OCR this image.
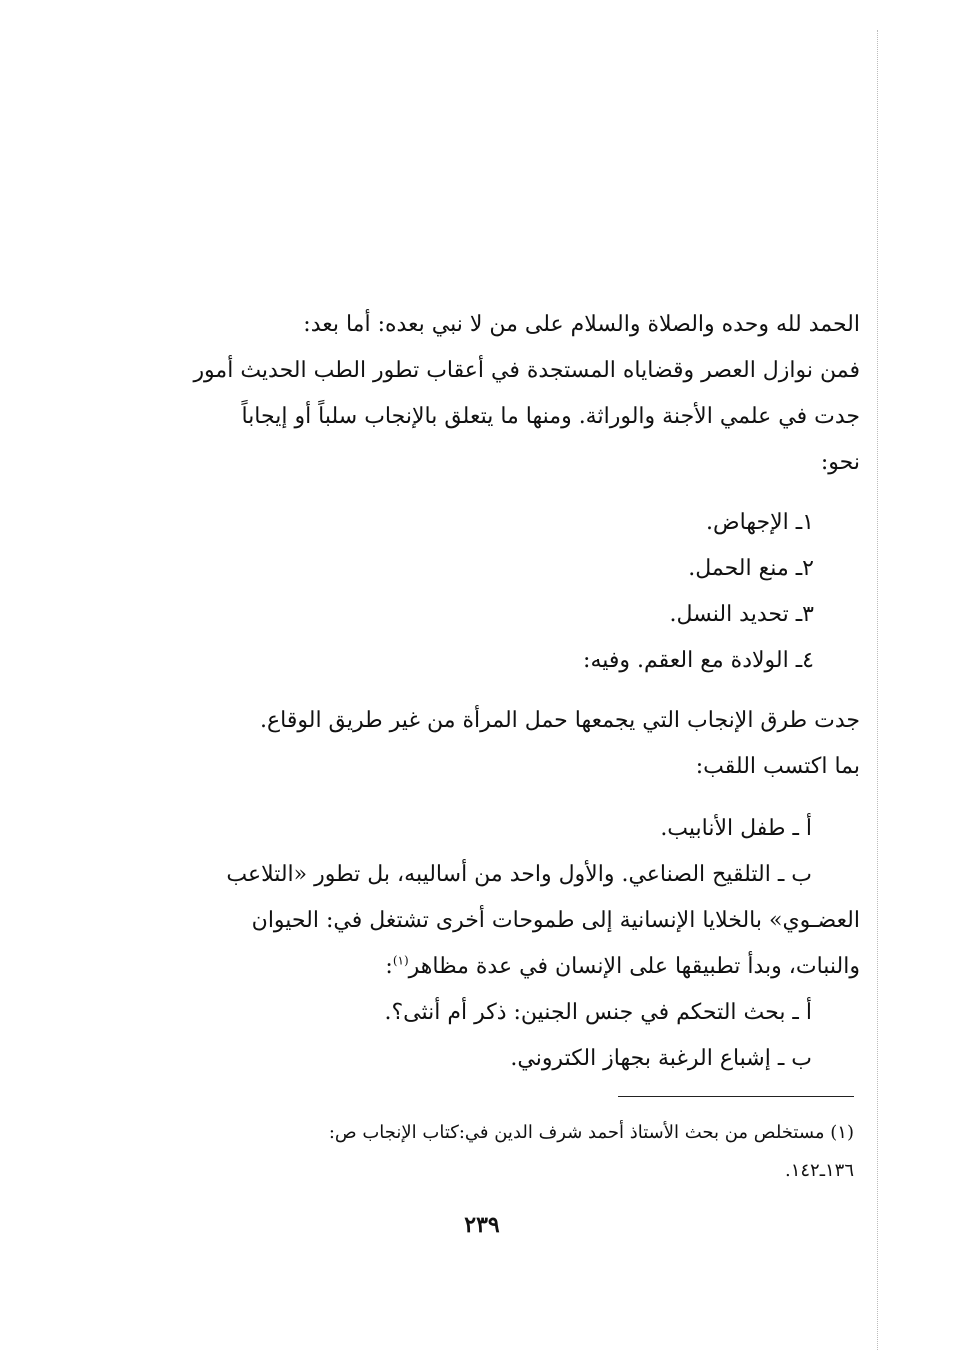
الحمد لله وحده والصلاة والسلام على من لا نبي بعده: أما بعد:
فمن نوازل العصر وقضاياه المستجدة في أعقاب تطور الطب الحديث أمور
جدت في علمي الأجنة والوراثة. ومنها ما يتعلق بالإنجاب سلباً أو إيجاباً
نحو:
١ـ الإجهاض.
٢ـ منع الحمل.
٣ـ تحديد النسل.
٤ـ الولادة مع العقم. وفيه:
جدت طرق الإنجاب التي يجمعها حمل المرأة من غير طريق الوقاع.
بما اكتسب اللقب:
أ ـ طفل الأنابيب.
ب ـ التلقيح الصناعي. والأول واحد من أساليبه، بل تطور «التلاعب
العضـوي» بالخلايا الإنسانية إلى طموحات أخرى تشتغل في: الحيوان
والنبات، وبدأ تطبيقها على الإنسان في عدة مظاهر$^{(١)}$:
أ ـ بحث التحكم في جنس الجنين: ذكر أم أنثى؟.
ب ـ إشباع الرغبة بجهاز الكتروني.
(١) مستخلص من بحث الأستاذ أحمد شرف الدين في:كتاب الإنجاب ص:
١٣٦ـ١٤٢.
٢٣٩
